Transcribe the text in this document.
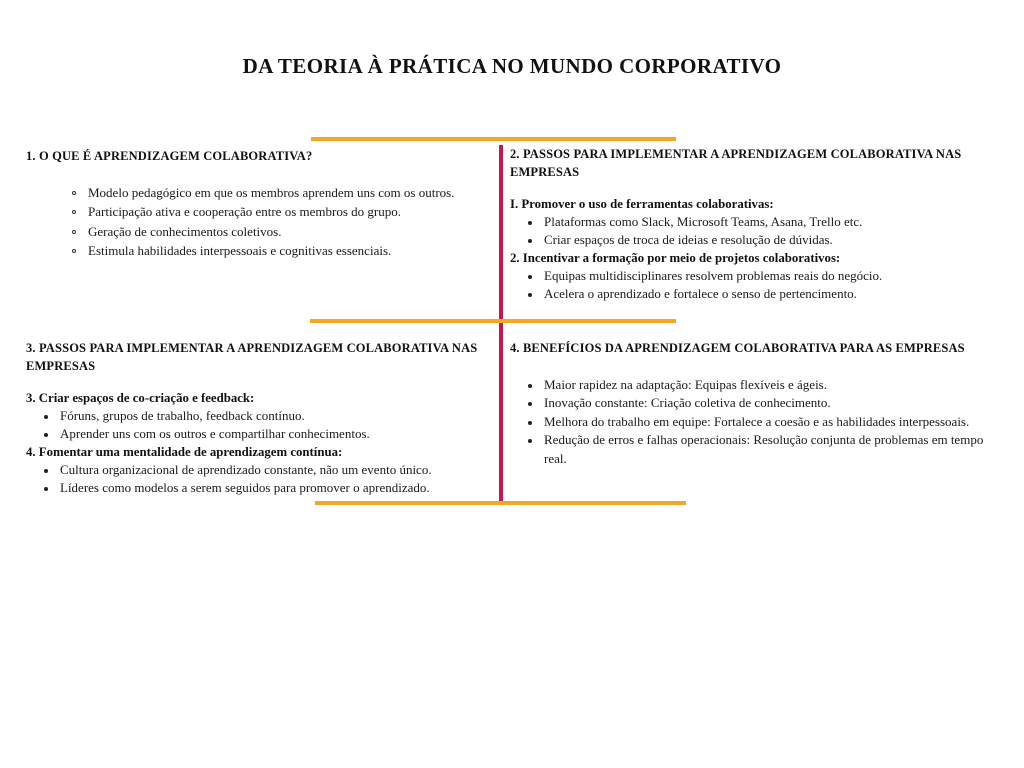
DA TEORIA À PRÁTICA NO MUNDO CORPORATIVO

1. O QUE É APRENDIZAGEM COLABORATIVA?

Modelo pedagógico em que os membros aprendem uns com os outros.
Participação ativa e cooperação entre os membros do grupo.
Geração de conhecimentos coletivos.
Estimula habilidades interpessoais e cognitivas essenciais.

2. PASSOS PARA IMPLEMENTAR A APRENDIZAGEM COLABORATIVA NAS EMPRESAS

I. Promover o uso de ferramentas colaborativas:

Plataformas como Slack, Microsoft Teams, Asana, Trello etc.
Criar espaços de troca de ideias e resolução de dúvidas.

2. Incentivar a formação por meio de projetos colaborativos:

Equipas multidisciplinares resolvem problemas reais do negócio.
Acelera o aprendizado e fortalece o senso de pertencimento.

3. PASSOS PARA IMPLEMENTAR A APRENDIZAGEM COLABORATIVA NAS EMPRESAS

3. Criar espaços de co-criação e feedback:

Fóruns, grupos de trabalho, feedback contínuo.
Aprender uns com os outros e compartilhar conhecimentos.

4. Fomentar uma mentalidade de aprendizagem contínua:

Cultura organizacional de aprendizado constante, não um evento único.
Líderes como modelos a serem seguidos para promover o aprendizado.

4. BENEFÍCIOS DA APRENDIZAGEM COLABORATIVA PARA AS EMPRESAS

Maior rapidez na adaptação: Equipas flexíveis e ágeis.
Inovação constante: Criação coletiva de conhecimento.
Melhora do trabalho em equipe: Fortalece a coesão e as habilidades interpessoais.
Redução de erros e falhas operacionais: Resolução conjunta de problemas em tempo real.
